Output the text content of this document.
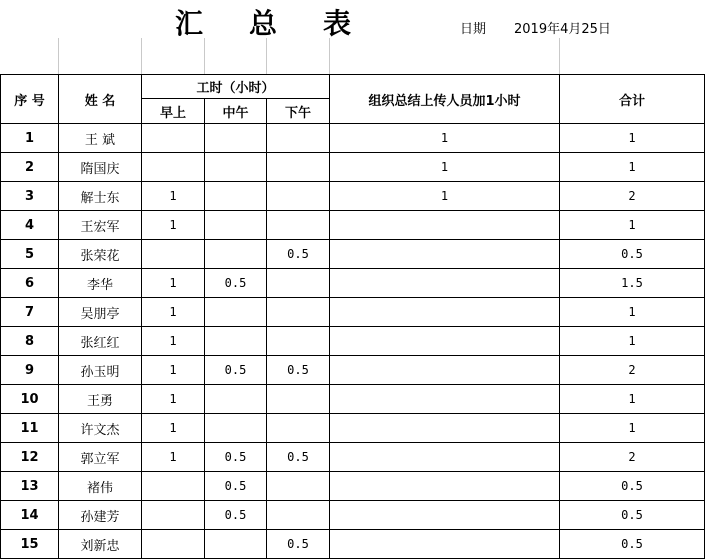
汇 总 表	日期 2019年4月25日
序 号	姓 名	工时（小时）			组织总结上传人员加1小时	合计
		早上	中午	下午		
1	王 斌				1	1
2	隋国庆				1	1
3	解士东	1			1	2
4	王宏军	1				1
5	张荣花			0.5		0.5
6	李华	1	0.5			1.5
7	吴朋亭	1				1
8	张红红	1				1
9	孙玉明	1	0.5	0.5		2
10	王勇	1				1
11	许文杰	1				1
12	郭立军	1	0.5	0.5		2
13	褚伟		0.5			0.5
14	孙建芳		0.5			0.5
15	刘新忠			0.5		0.5
